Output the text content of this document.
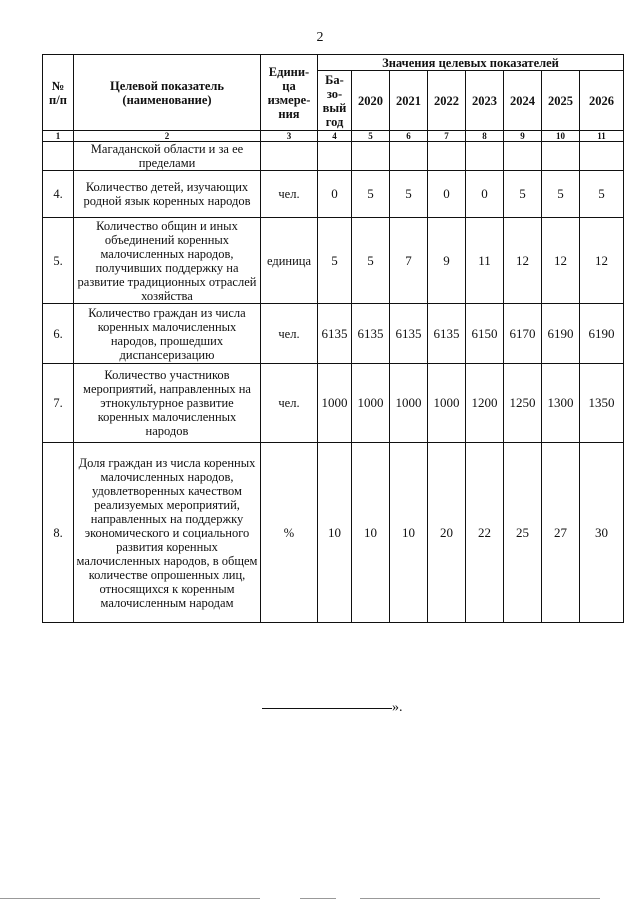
2
№ п/п	Целевой показатель (наименование)	Едини-ца измере-ния	Значения целевых показателей							
			Ба-зо-вый год	2020	2021	2022	2023	2024	2025	2026
1	2	3	4	5	6	7	8	9	10	11
	Магаданской области и за ее пределами									
4.	Количество детей, изучающих родной язык коренных народов	чел.	0	5	5	0	0	5	5	5
5.	Количество общин и иных объединений коренных малочисленных народов, получивших поддержку на развитие традиционных отраслей хозяйства	единица	5	5	7	9	11	12	12	12
6.	Количество граждан из числа коренных малочисленных народов, прошедших диспансеризацию	чел.	6135	6135	6135	6135	6150	6170	6190	6190
7.	Количество участников мероприятий, направленных на этнокультурное развитие коренных малочисленных народов	чел.	1000	1000	1000	1000	1200	1250	1300	1350
8.	Доля граждан из числа коренных малочисленных народов, удовлетворенных качеством реализуемых мероприятий, направленных на поддержку экономического и социального развития коренных малочисленных народов, в общем количестве опрошенных лиц, относящихся к коренным малочисленным народам	%	10	10	10	20	22	25	27	30
».
